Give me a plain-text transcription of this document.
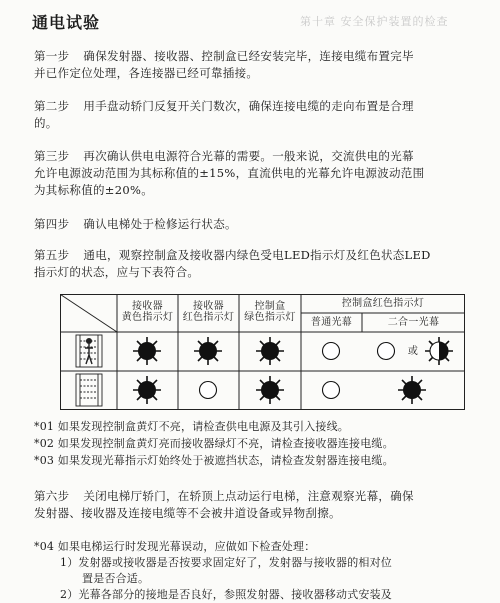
通电试验	第十章 安全保护装置的检查
第一步 确保发射器、接收器、控制盒已经安装完毕，连接电缆布置完毕
并已作定位处理，各连接器已经可靠插接。
第二步 用手盘动轿门反复开关门数次，确保连接电缆的走向布置是合理
的。
第三步 再次确认供电电源符合光幕的需要。一般来说，交流供电的光幕
允许电源波动范围为其标称值的±15%，直流供电的光幕允许电源波动范围
为其标称值的±20%。
第四步 确认电梯处于检修运行状态。
第五步 通电，观察控制盒及接收器内绿色受电LED指示灯及红色状态LED
指示灯的状态，应与下表符合。
接收器
黄色指示灯
接收器
红色指示灯
控制盒
绿色指示灯
控制盒红色指示灯
普通光幕	二合一光幕
或
*01 如果发现控制盒黄灯不亮，请检查供电电源及其引入接线。
*02 如果发现控制盒黄灯亮而接收器绿灯不亮，请检查接收器连接电缆。
*03 如果发现光幕指示灯始终处于被遮挡状态，请检查发射器连接电缆。
第六步 关闭电梯厅轿门，在轿顶上点动运行电梯，注意观察光幕，确保
发射器、接收器及连接电缆等不会被井道设备或异物刮擦。
*04 如果电梯运行时发现光幕误动，应做如下检查处理：
1）发射器或接收器是否按要求固定好了，发射器与接收器的相对位
置是否合适。
2）光幕各部分的接地是否良好，参照发射器、接收器移动式安装及
